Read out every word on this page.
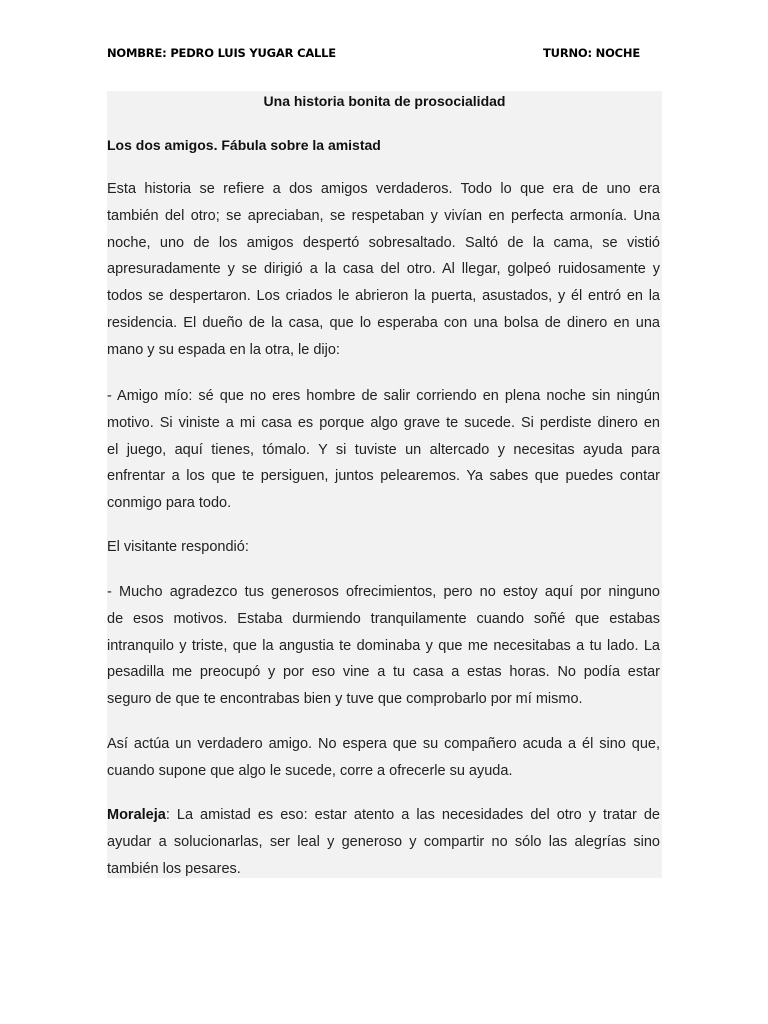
NOMBRE: PEDRO LUIS YUGAR CALLE	TURNO: NOCHE
Una historia bonita de prosocialidad
Los dos amigos. Fábula sobre la amistad
Esta historia se refiere a dos amigos verdaderos. Todo lo que era de uno era
también del otro; se apreciaban, se respetaban y vivían en perfecta armonía. Una
noche, uno de los amigos despertó sobresaltado. Saltó de la cama, se vistió
apresuradamente y se dirigió a la casa del otro. Al llegar, golpeó ruidosamente y
todos se despertaron. Los criados le abrieron la puerta, asustados, y él entró en la
residencia. El dueño de la casa, que lo esperaba con una bolsa de dinero en una
mano y su espada en la otra, le dijo:
- Amigo mío: sé que no eres hombre de salir corriendo en plena noche sin ningún
motivo. Si viniste a mi casa es porque algo grave te sucede. Si perdiste dinero en
el juego, aquí tienes, tómalo. Y si tuviste un altercado y necesitas ayuda para
enfrentar a los que te persiguen, juntos pelearemos. Ya sabes que puedes contar
conmigo para todo.
El visitante respondió:
- Mucho agradezco tus generosos ofrecimientos, pero no estoy aquí por ninguno
de esos motivos. Estaba durmiendo tranquilamente cuando soñé que estabas
intranquilo y triste, que la angustia te dominaba y que me necesitabas a tu lado. La
pesadilla me preocupó y por eso vine a tu casa a estas horas. No podía estar
seguro de que te encontrabas bien y tuve que comprobarlo por mí mismo.
Así actúa un verdadero amigo. No espera que su compañero acuda a él sino que,
cuando supone que algo le sucede, corre a ofrecerle su ayuda.
Moraleja: La amistad es eso: estar atento a las necesidades del otro y tratar de
ayudar a solucionarlas, ser leal y generoso y compartir no sólo las alegrías sino
también los pesares.
